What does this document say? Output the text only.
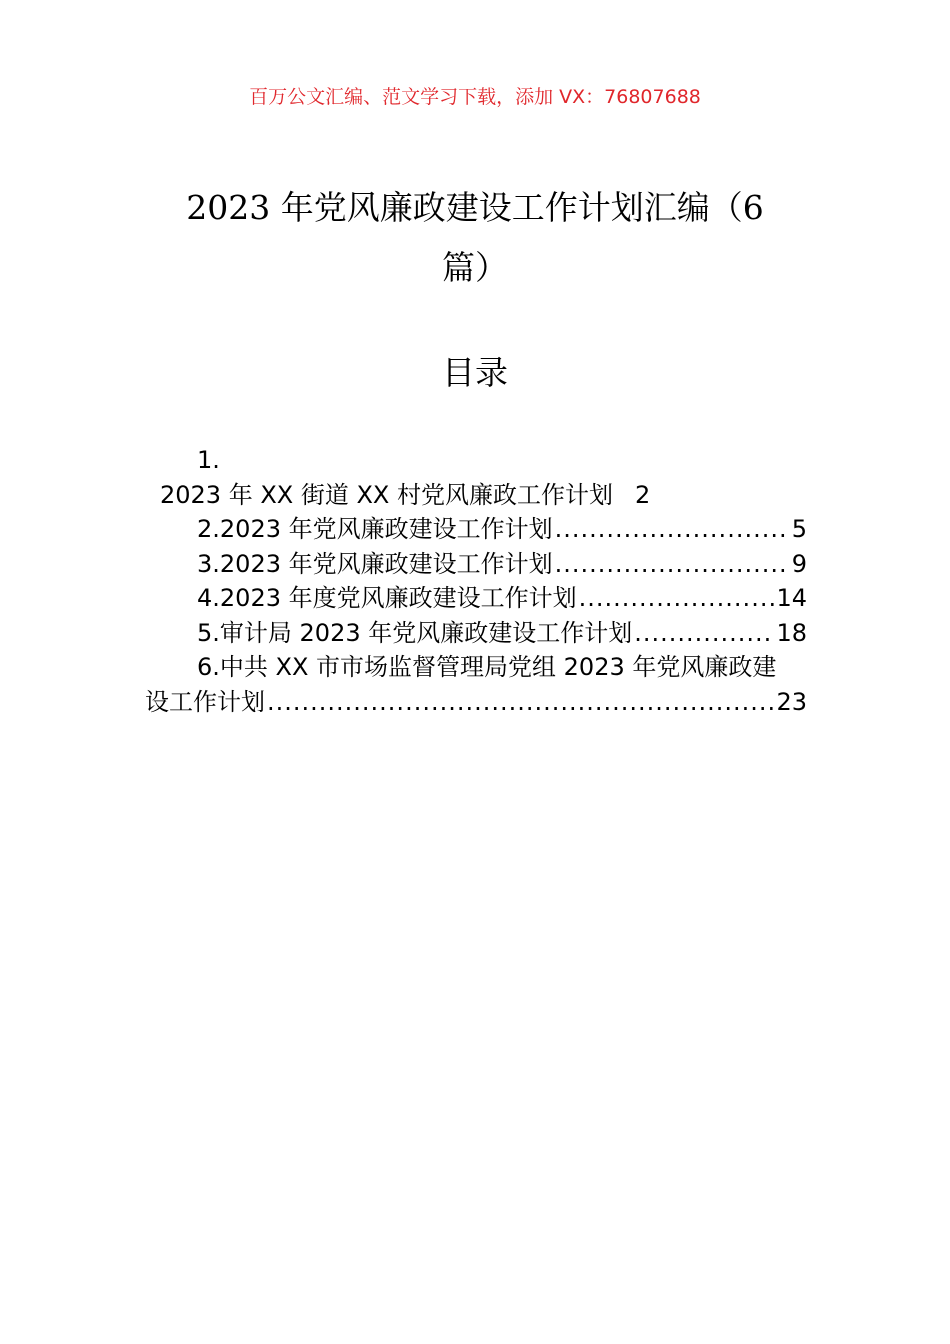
百万公文汇编、范文学习下载，添加 VX：76807688
2023 年党风廉政建设工作计划汇编（6
篇）
目录
1.
2023 年 XX 街道 XX 村党风廉政工作计划 2
2.2023 年党风廉政建设工作计划 .....	5
3.2023 年党风廉政建设工作计划 .....	9
4.2023 年度党风廉政建设工作计划 .....	14
5.审计局 2023 年党风廉政建设工作计划 .....	18
6.中共 XX 市市场监督管理局党组 2023 年党风廉政建
设工作计划 .....	23
